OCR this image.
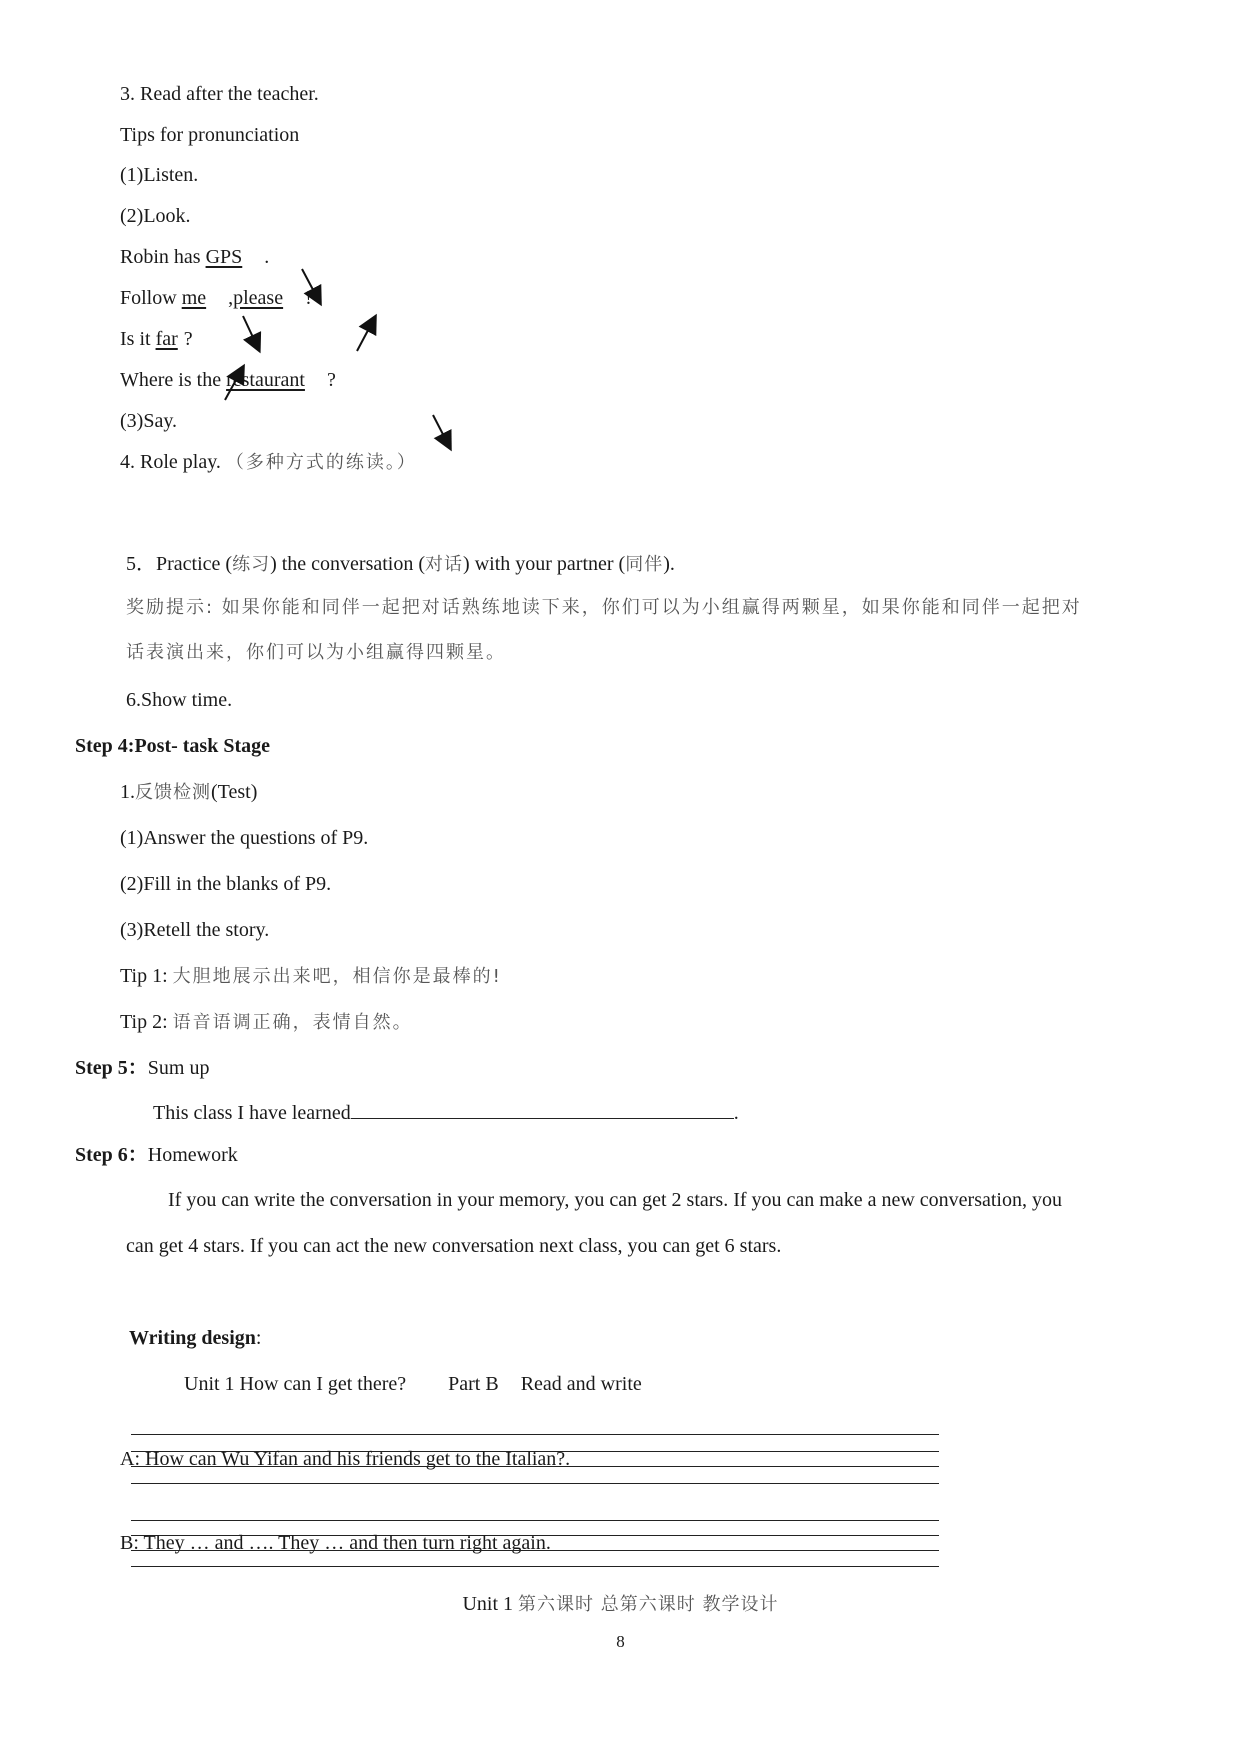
3. Read after the teacher.
Tips for pronunciation
(1)Listen.
(2)Look.
Robin has GPS .
Follow me ,please !
Is it far ?
Where is the restaurant ?
(3)Say.
4. Role play. （多种方式的练读。）
5．Practice (练习) the conversation (对话) with your partner (同伴).
奖励提示: 如果你能和同伴一起把对话熟练地读下来，你们可以为小组赢得两颗星，如果你能和同伴一起把对
话表演出来，你们可以为小组赢得四颗星。
6.Show time.
Step 4:Post- task Stage
1.反馈检测(Test)
(1)Answer the questions of P9.
(2)Fill in the blanks of P9.
(3)Retell the story.
Tip 1: 大胆地展示出来吧，相信你是最棒的!
Tip 2: 语音语调正确，表情自然。
Step 5：Sum up
This class I have learned	.
Step 6：Homework
If you can write the conversation in your memory, you can get 2 stars. If you can make a new conversation, you
can get 4 stars. If you can act the new conversation next class, you can get 6 stars.
Writing design:
Unit 1 How can I get there? Part B Read and write
A: How can Wu Yifan and his friends get to the Italian?.
B: They … and …. They … and then turn right again.
Unit 1 第六课时 总第六课时 教学设计
8
